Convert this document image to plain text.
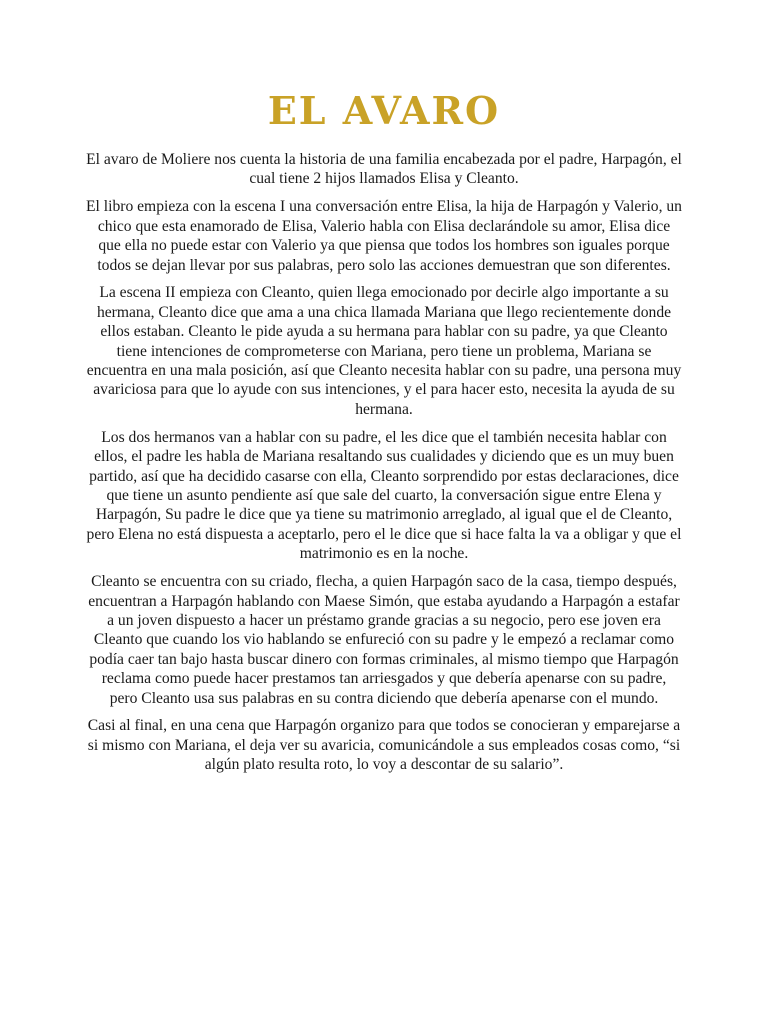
EL AVARO

El avaro de Moliere nos cuenta la historia de una familia encabezada por el padre, Harpagón, el cual tiene 2 hijos llamados Elisa y Cleanto.

El libro empieza con la escena I una conversación entre Elisa, la hija de Harpagón y Valerio, un chico que esta enamorado de Elisa, Valerio habla con Elisa declarándole su amor, Elisa dice que ella no puede estar con Valerio ya que piensa que todos los hombres son iguales porque todos se dejan llevar por sus palabras, pero solo las acciones demuestran que son diferentes.

La escena II empieza con Cleanto, quien llega emocionado por decirle algo importante a su hermana, Cleanto dice que ama a una chica llamada Mariana que llego recientemente donde ellos estaban. Cleanto le pide ayuda a su hermana para hablar con su padre, ya que Cleanto tiene intenciones de comprometerse con Mariana, pero tiene un problema, Mariana se encuentra en una mala posición, así que Cleanto necesita hablar con su padre, una persona muy avariciosa para que lo ayude con sus intenciones, y el para hacer esto, necesita la ayuda de su hermana.

Los dos hermanos van a hablar con su padre, el les dice que el también necesita hablar con ellos, el padre les habla de Mariana resaltando sus cualidades y diciendo que es un muy buen partido, así que ha decidido casarse con ella, Cleanto sorprendido por estas declaraciones, dice que tiene un asunto pendiente así que sale del cuarto, la conversación sigue entre Elena y Harpagón, Su padre le dice que ya tiene su matrimonio arreglado, al igual que el de Cleanto, pero Elena no está dispuesta a aceptarlo, pero el le dice que si hace falta la va a obligar y que el matrimonio es en la noche.

Cleanto se encuentra con su criado, flecha, a quien Harpagón saco de la casa, tiempo después, encuentran a Harpagón hablando con Maese Simón, que estaba ayudando a Harpagón a estafar a un joven dispuesto a hacer un préstamo grande gracias a su negocio, pero ese joven era Cleanto que cuando los vio hablando se enfureció con su padre y le empezó a reclamar como podía caer tan bajo hasta buscar dinero con formas criminales, al mismo tiempo que Harpagón reclama como puede hacer prestamos tan arriesgados y que debería apenarse con su padre, pero Cleanto usa sus palabras en su contra diciendo que debería apenarse con el mundo.

Casi al final, en una cena que Harpagón organizo para que todos se conocieran y emparejarse a si mismo con Mariana, el deja ver su avaricia, comunicándole a sus empleados cosas como, “si algún plato resulta roto, lo voy a descontar de su salario”.
